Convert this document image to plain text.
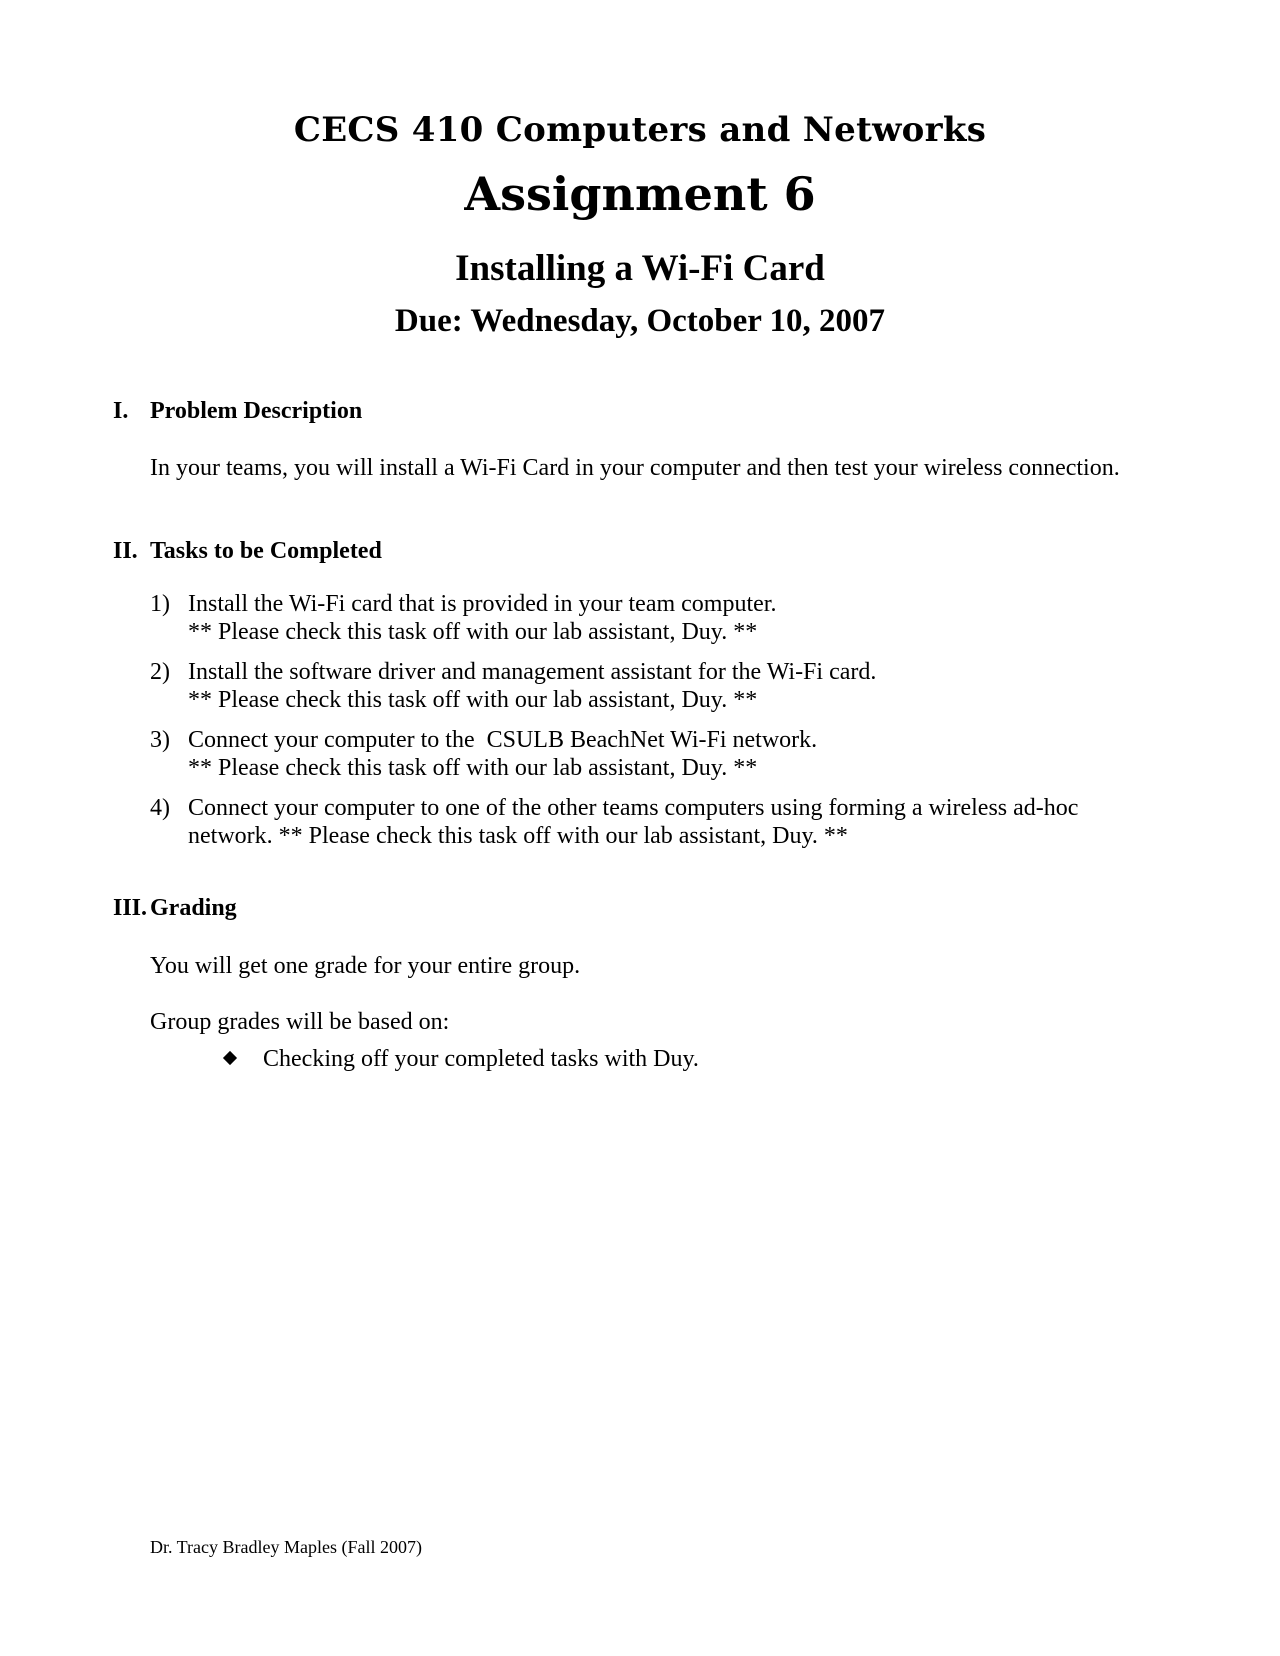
CECS 410 Computers and Networks
Assignment 6
Installing a Wi-Fi Card
Due: Wednesday, October 10, 2007
I. Problem Description
In your teams, you will install a Wi-Fi Card in your computer and then test your wireless connection.
II. Tasks to be Completed
1) Install the Wi-Fi card that is provided in your team computer.
** Please check this task off with our lab assistant, Duy. **
2) Install the software driver and management assistant for the Wi-Fi card.
** Please check this task off with our lab assistant, Duy. **
3) Connect your computer to the  CSULB BeachNet Wi-Fi network.
** Please check this task off with our lab assistant, Duy. **
4) Connect your computer to one of the other teams computers using forming a wireless ad-hoc
network. ** Please check this task off with our lab assistant, Duy. **
III. Grading
You will get one grade for your entire group.
Group grades will be based on:
Checking off your completed tasks with Duy.
Dr. Tracy Bradley Maples (Fall 2007)
